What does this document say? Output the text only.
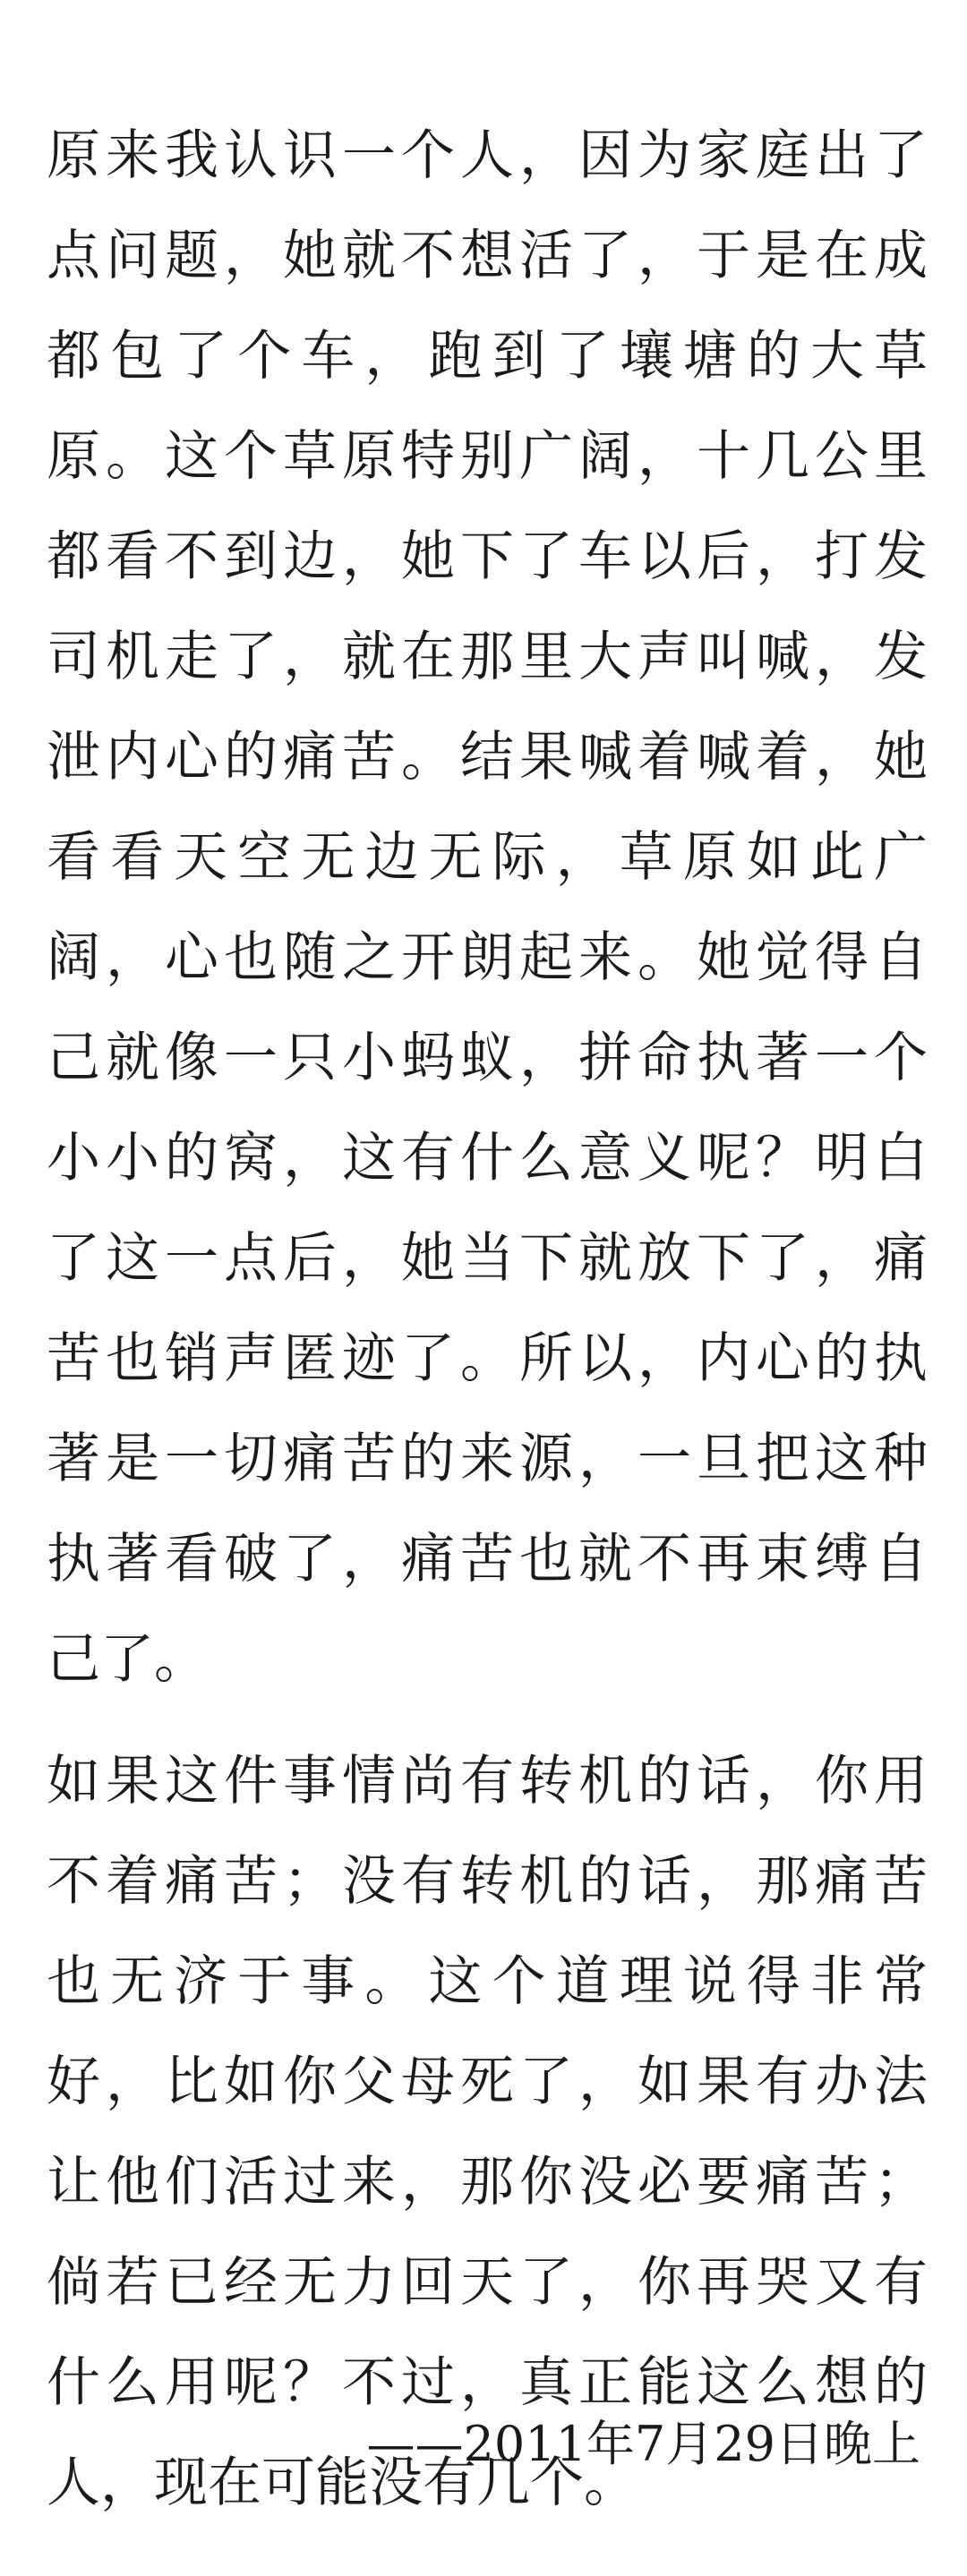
原来我认识一个人，因为家庭出了
点问题，她就不想活了，于是在成
都包了个车，跑到了壤塘的大草
原。这个草原特别广阔，十几公里
都看不到边，她下了车以后，打发
司机走了，就在那里大声叫喊，发
泄内心的痛苦。结果喊着喊着，她
看看天空无边无际，草原如此广
阔，心也随之开朗起来。她觉得自
己就像一只小蚂蚁，拼命执著一个
小小的窝，这有什么意义呢？明白
了这一点后，她当下就放下了，痛
苦也销声匿迹了。所以，内心的执
著是一切痛苦的来源，一旦把这种
执著看破了，痛苦也就不再束缚自
己了。
如果这件事情尚有转机的话，你用
不着痛苦；没有转机的话，那痛苦
也无济于事。这个道理说得非常
好，比如你父母死了，如果有办法
让他们活过来，那你没必要痛苦；
倘若已经无力回天了，你再哭又有
什么用呢？不过，真正能这么想的
人，现在可能没有几个。
——2011年7月29日晚上
